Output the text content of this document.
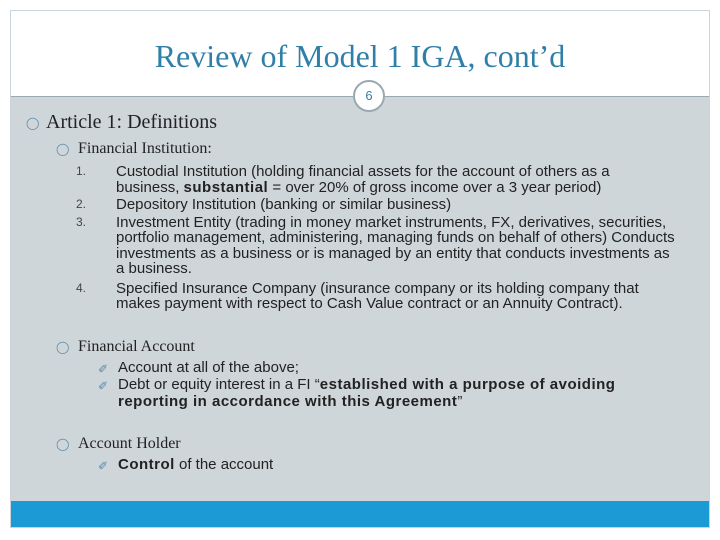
Review of Model 1 IGA, cont’d
6
◯ Article 1: Definitions
◯ Financial Institution:
1. Custodial Institution (holding financial assets for the account of others as a business, substantial = over 20% of gross income over a 3 year period)
2. Depository Institution (banking or similar business)
3. Investment Entity (trading in money market instruments, FX, derivatives, securities, portfolio management, administering, managing funds on behalf of others) Conducts investments as a business or is managed by an entity that conducts investments as a business.
4. Specified Insurance Company (insurance company or its holding company that makes payment with respect to Cash Value contract or an Annuity Contract).
◯ Financial Account
✐ Account at all of the above;
✐ Debt or equity interest in a FI “established with a purpose of avoiding reporting in accordance with this Agreement”
◯ Account Holder
✐ Control of the account
